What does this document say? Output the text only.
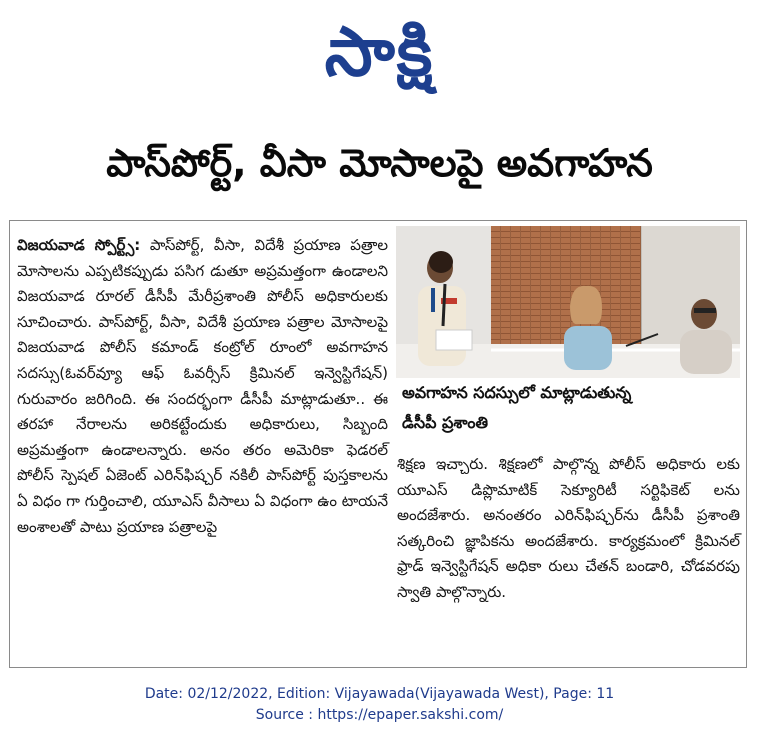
సాక్షి
పాస్‌పోర్ట్, వీసా మోసాలపై అవగాహన
విజయవాడ స్పోర్ట్స్: పాస్‌పోర్ట్, వీసా, విదేశీ ప్రయాణ పత్రాల మోసాలను ఎప్పటికప్పుడు పసిగ డుతూ అప్రమత్తంగా ఉండాలని విజయవాడ రూరల్ డీసీపీ మేరీప్రశాంతి పోలీస్ అధికారులకు సూచించారు. పాస్‌పోర్ట్, వీసా, విదేశీ ప్రయాణ పత్రాల మోసాలపై విజయవాడ పోలీస్ కమాండ్ కంట్రోల్ రూంలో అవగాహన సదస్సు(ఓవర్‌వ్యూ ఆఫ్ ఓవర్సీస్ క్రిమినల్ ఇన్వెస్టిగేషన్) గురువారం జరిగింది. ఈ సందర్భంగా డీసీపీ మాట్లాడుతూ.. ఈ తరహా నేరాలను అరికట్టేందుకు అధికారులు, సిబ్బంది అప్రమత్తంగా ఉండాలన్నారు. అనం తరం అమెరికా ఫెడరల్ పోలీస్ స్పెషల్ ఏజెంట్ ఎరిన్‌ఫిష్చర్ నకిలీ పాస్‌పోర్ట్ పుస్తకాలను ఏ విధం గా గుర్తించాలి, యూఎస్ వీసాలు ఏ విధంగా ఉం టాయనే అంశాలతో పాటు ప్రయాణ పత్రాలపై
అవగాహన సదస్సులో మాట్లాడుతున్న
డీసీపీ ప్రశాంతి
శిక్షణ ఇచ్చారు. శిక్షణలో పాల్గొన్న పోలీస్ అధికారు లకు యూఎస్ డిప్లొమాటిక్ సెక్యూరిటీ సర్టిఫికెట్ లను అందజేశారు. అనంతరం ఎరిన్‌ఫిష్చర్‌ను డీసీపీ ప్రశాంతి సత్కరించి జ్ఞాపికను అందజేశారు. కార్యక్రమంలో క్రిమినల్ ఫ్రాడ్ ఇన్వెస్టిగేషన్ అధికా రులు చేతన్ బండారి, చోడవరపు స్వాతి పాల్గొన్నారు.
Date: 02/12/2022, Edition: Vijayawada(Vijayawada West), Page: 11
Source : https://epaper.sakshi.com/
